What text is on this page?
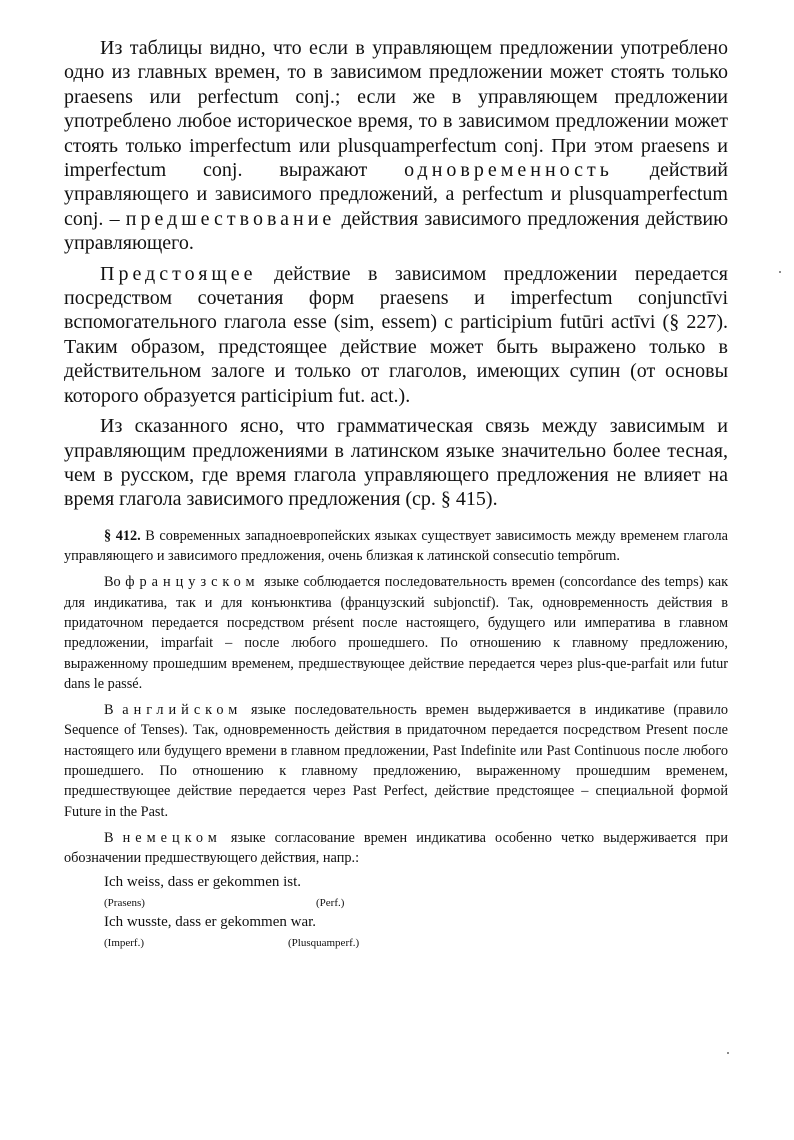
Из таблицы видно, что если в управляющем предложении употреблено одно из главных времен, то в зависимом предложении может стоять только praesens или perfectum conj.; если же в управляющем предложении употреблено любое историческое время, то в зависимом предложении может стоять только imperfectum или plusquamperfectum conj. При этом praesens и imperfectum conj. выражают одновременность действий управляющего и зависимого предложений, а perfectum и plusquamperfectum conj. – предшествование действия зависимого предложения действию управляющего.

Предстоящее действие в зависимом предложении передается посредством сочетания форм praesens и imperfectum conjunctīvi вспомогательного глагола esse (sim, essem) с participium futūri actīvi (§ 227). Таким образом, предстоящее действие может быть выражено только в действительном залоге и только от глаголов, имеющих супин (от основы которого образуется participium fut. act.).

Из сказанного ясно, что грамматическая связь между зависимым и управляющим предложениями в латинском языке значительно более тесная, чем в русском, где время глагола управляющего предложения не влияет на время глагола зависимого предложения (ср. § 415).

§ 412. В современных западноевропейских языках существует зависимость между временем глагола управляющего и зависимого предложения, очень близкая к латинской consecutio tempŏrum.

Во французском языке соблюдается последовательность времен (concordance des temps) как для индикатива, так и для конъюнктива (французский subjonctif). Так, одновременность действия в придаточном передается посредством présent после настоящего, будущего или императива в главном предложении, imparfait – после любого прошедшего. По отношению к главному предложению, выраженному прошедшим временем, предшествующее действие передается через plus-que-parfait или futur dans le passé.

В английском языке последовательность времен выдерживается в индикативе (правило Sequence of Tenses). Так, одновременность действия в придаточном передается посредством Present после настоящего или будущего времени в главном предложении, Past Indefinite или Past Continuous после любого прошедшего. По отношению к главному предложению, выраженному прошедшим временем, предшествующее действие передается через Past Perfect, действие предстоящее – специальной формой Future in the Past.

В немецком языке согласование времен индикатива особенно четко выдерживается при обозначении предшествующего действия, напр.:

Ich weiss, dass er gekommen ist.
(Prasens)	(Perf.)
Ich wusste, dass er gekommen war.
(Imperf.)	(Plusquamperf.)
